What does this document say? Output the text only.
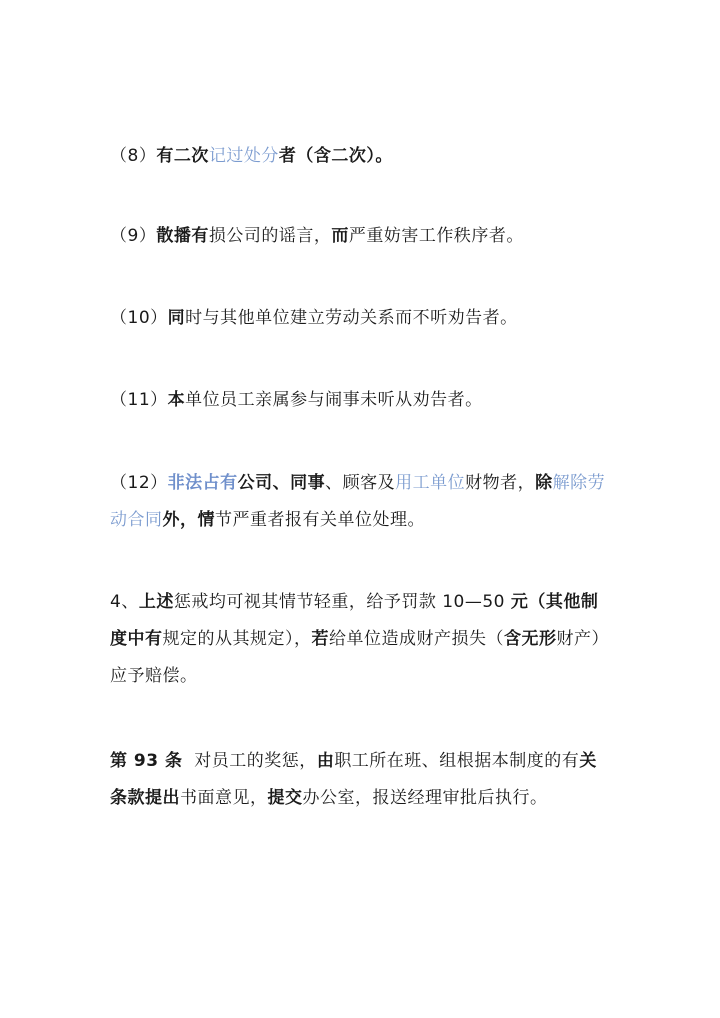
（8）有二次记过处分者（含二次）。

（9）散播有损公司的谣言，而严重妨害工作秩序者。

（10）同时与其他单位建立劳动关系而不听劝告者。

（11）本单位员工亲属参与闹事未听从劝告者。

（12）非法占有公司、同事、顾客及用工单位财物者，除解除劳动合同外，情节严重者报有关单位处理。

4、上述惩戒均可视其情节轻重，给予罚款 10—50 元（其他制度中有规定的从其规定），若给单位造成财产损失（含无形财产）应予赔偿。

第 93 条  对员工的奖惩，由职工所在班、组根据本制度的有关条款提出书面意见，提交办公室，报送经理审批后执行。
